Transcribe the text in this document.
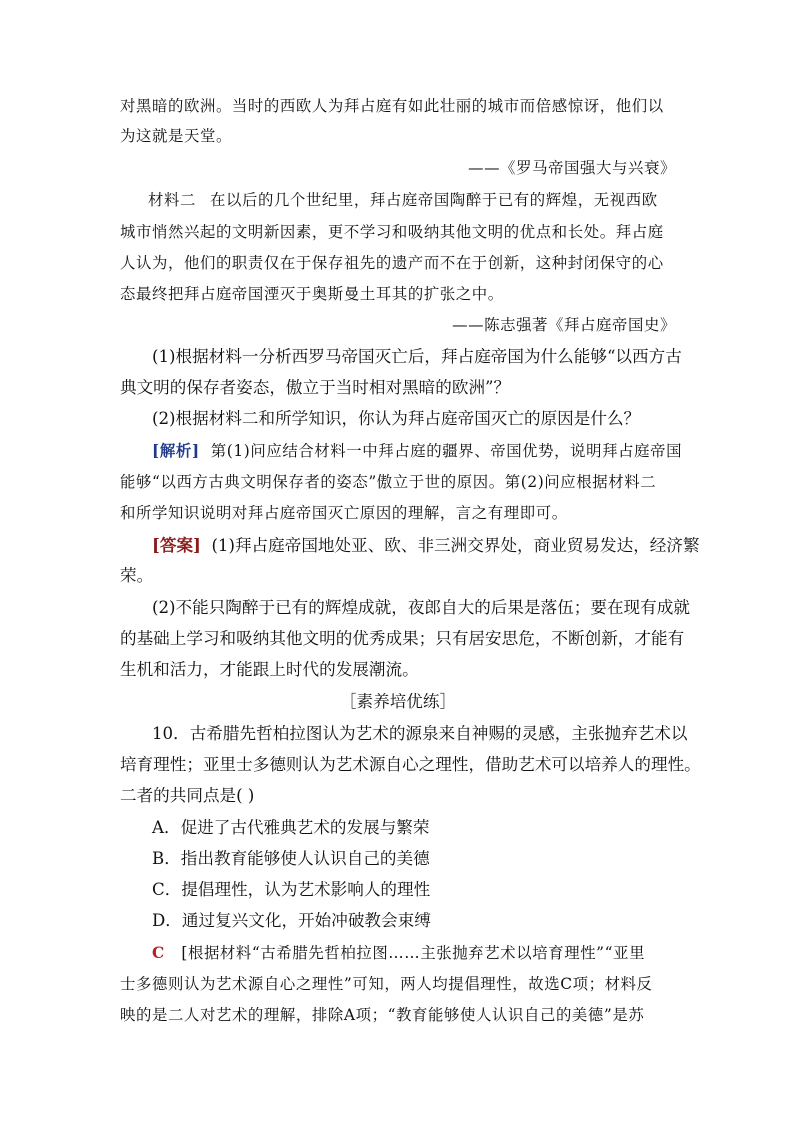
对黑暗的欧洲。当时的西欧人为拜占庭有如此壮丽的城市而倍感惊讶，他们以
为这就是天堂。
——《罗马帝国强大与兴衰》
材料二 在以后的几个世纪里，拜占庭帝国陶醉于已有的辉煌，无视西欧
城市悄然兴起的文明新因素，更不学习和吸纳其他文明的优点和长处。拜占庭
人认为，他们的职责仅在于保存祖先的遗产而不在于创新，这种封闭保守的心
态最终把拜占庭帝国湮灭于奥斯曼土耳其的扩张之中。
——陈志强著《拜占庭帝国史》
(1)根据材料一分析西罗马帝国灭亡后，拜占庭帝国为什么能够“以西方古
典文明的保存者姿态，傲立于当时相对黑暗的欧洲”？
(2)根据材料二和所学知识，你认为拜占庭帝国灭亡的原因是什么？
[解析] 第(1)问应结合材料一中拜占庭的疆界、帝国优势，说明拜占庭帝国
能够“以西方古典文明保存者的姿态”傲立于世的原因。第(2)问应根据材料二
和所学知识说明对拜占庭帝国灭亡原因的理解，言之有理即可。
[答案] (1)拜占庭帝国地处亚、欧、非三洲交界处，商业贸易发达，经济繁
荣。
(2)不能只陶醉于已有的辉煌成就，夜郎自大的后果是落伍；要在现有成就
的基础上学习和吸纳其他文明的优秀成果；只有居安思危，不断创新，才能有
生机和活力，才能跟上时代的发展潮流。
［素养培优练］
10．古希腊先哲柏拉图认为艺术的源泉来自神赐的灵感，主张抛弃艺术以
培育理性；亚里士多德则认为艺术源自心之理性，借助艺术可以培养人的理性。
二者的共同点是( )
A．促进了古代雅典艺术的发展与繁荣
B．指出教育能够使人认识自己的美德
C．提倡理性，认为艺术影响人的理性
D．通过复兴文化，开始冲破教会束缚
C [根据材料“古希腊先哲柏拉图……主张抛弃艺术以培育理性”“亚里
士多德则认为艺术源自心之理性”可知，两人均提倡理性，故选C项；材料反
映的是二人对艺术的理解，排除A项；“教育能够使人认识自己的美德”是苏
